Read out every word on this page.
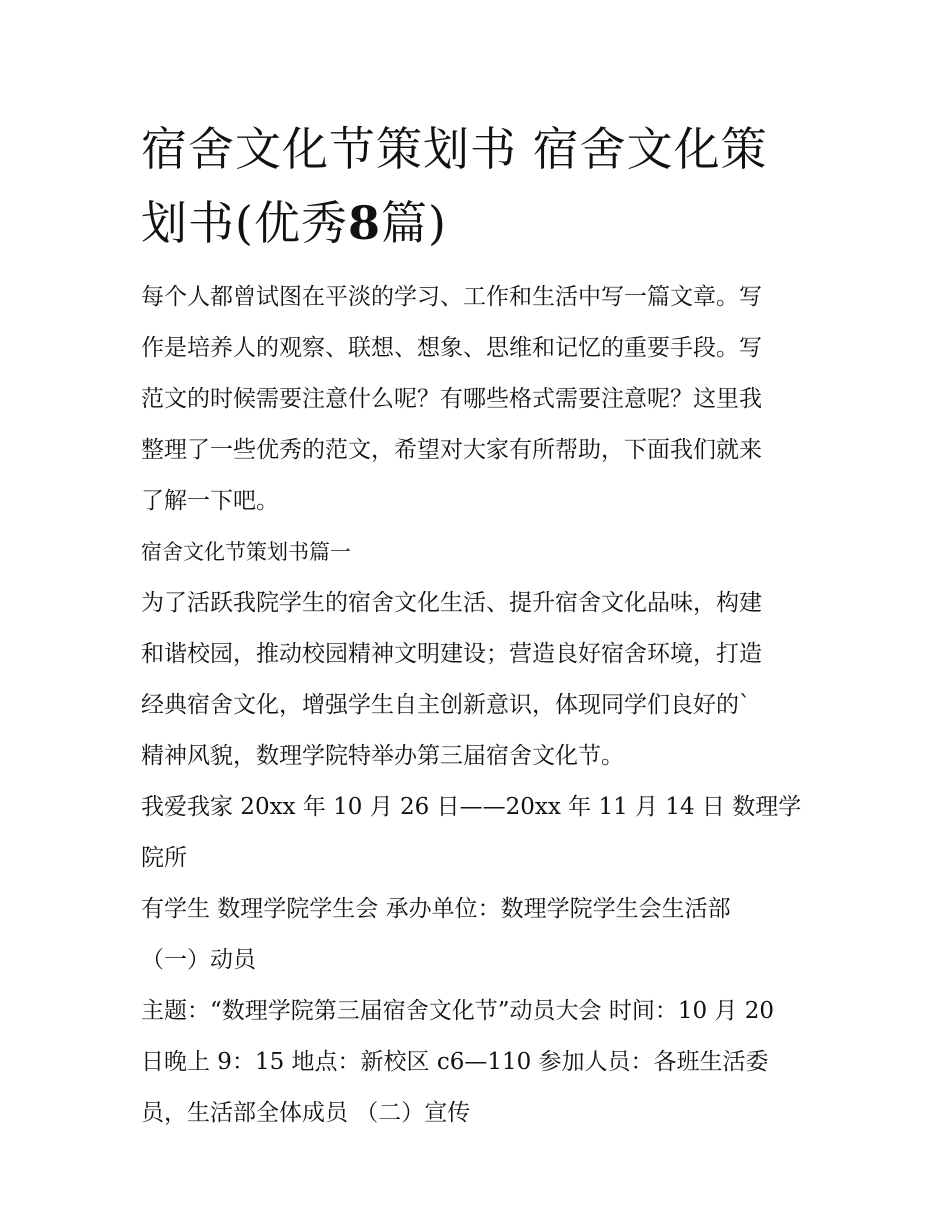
宿舍文化节策划书 宿舍文化策
划书(优秀8篇)

每个人都曾试图在平淡的学习、工作和生活中写一篇文章。写

作是培养人的观察、联想、想象、思维和记忆的重要手段。写

范文的时候需要注意什么呢？有哪些格式需要注意呢？这里我

整理了一些优秀的范文，希望对大家有所帮助，下面我们就来

了解一下吧。

宿舍文化节策划书篇一

为了活跃我院学生的宿舍文化生活、提升宿舍文化品味，构建

和谐校园，推动校园精神文明建设；营造良好宿舍环境，打造

经典宿舍文化，增强学生自主创新意识，体现同学们良好的`

精神风貌，数理学院特举办第三届宿舍文化节。

我爱我家 20xx 年 10 月 26 日——20xx 年 11 月 14 日 数理学院所

有学生 数理学院学生会 承办单位：数理学院学生会生活部

（一）动员

主题：“数理学院第三届宿舍文化节”动员大会 时间：10 月 20

日晚上 9：15 地点：新校区 c6—110 参加人员：各班生活委

员，生活部全体成员 （二）宣传
